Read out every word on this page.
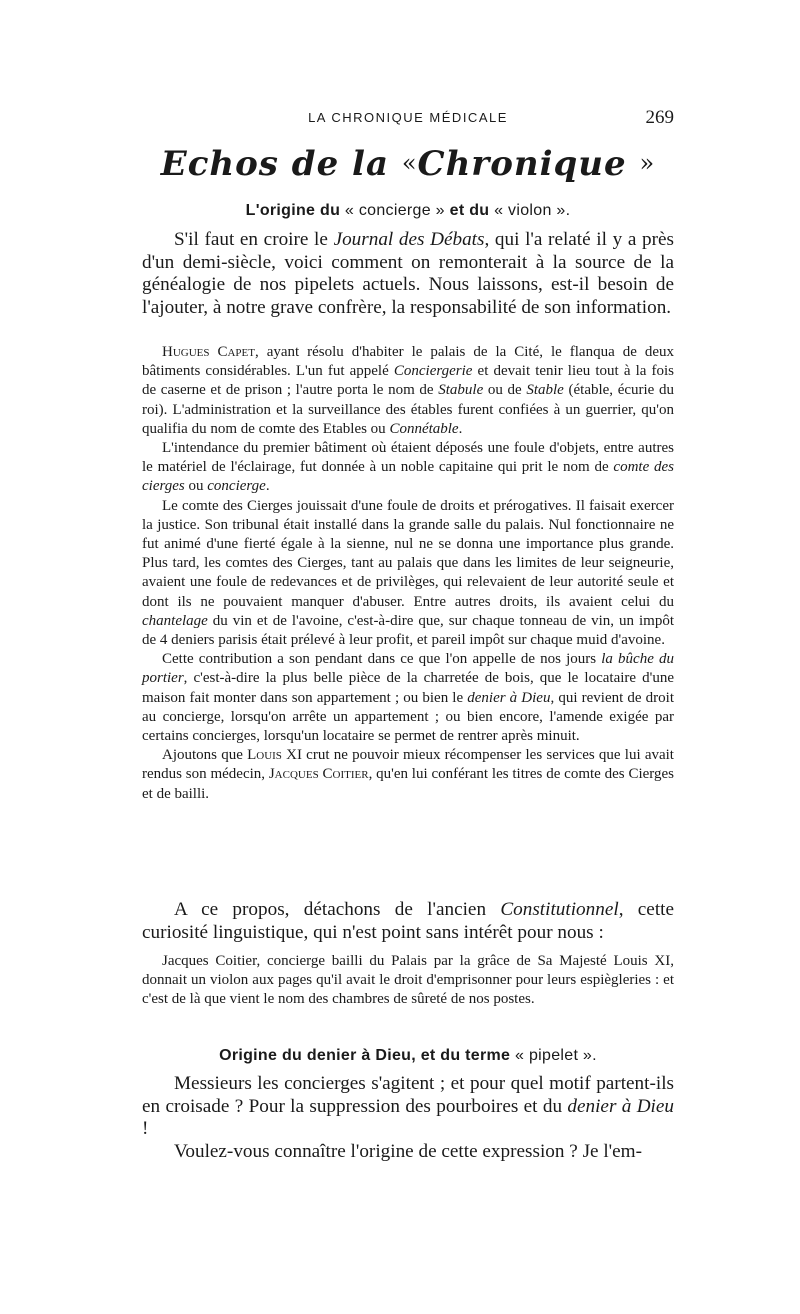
LA CHRONIQUE MÉDICALE	269
Echos de la «Chronique »
L'origine du « concierge » et du « violon ».
S'il faut en croire le Journal des Débats, qui l'a relaté il y a près d'un demi-siècle, voici comment on remonterait à la source de la généalogie de nos pipelets actuels. Nous laissons, est-il besoin de l'ajouter, à notre grave confrère, la responsabilité de son information.

Hugues Capet, ayant résolu d'habiter le palais de la Cité, le flanqua de deux bâtiments considérables. L'un fut appelé Conciergerie et devait tenir lieu tout à la fois de caserne et de prison ; l'autre porta le nom de Stabule ou de Stable (étable, écurie du roi). L'administration et la surveillance des étables furent confiées à un guerrier, qu'on qualifia du nom de comte des Etables ou Connétable.

L'intendance du premier bâtiment où étaient déposés une foule d'objets, entre autres le matériel de l'éclairage, fut donnée à un noble capitaine qui prit le nom de comte des cierges ou concierge.

Le comte des Cierges jouissait d'une foule de droits et prérogatives. Il faisait exercer la justice. Son tribunal était installé dans la grande salle du palais. Nul fonctionnaire ne fut animé d'une fierté égale à la sienne, nul ne se donna une importance plus grande. Plus tard, les comtes des Cierges, tant au palais que dans les limites de leur seigneurie, avaient une foule de redevances et de privilèges, qui relevaient de leur autorité seule et dont ils ne pouvaient manquer d'abuser. Entre autres droits, ils avaient celui du chantelage du vin et de l'avoine, c'est-à-dire que, sur chaque tonneau de vin, un impôt de 4 deniers parisis était prélevé à leur profit, et pareil impôt sur chaque muid d'avoine.

Cette contribution a son pendant dans ce que l'on appelle de nos jours la bûche du portier, c'est-à-dire la plus belle pièce de la charretée de bois, que le locataire d'une maison fait monter dans son appartement ; ou bien le denier à Dieu, qui revient de droit au concierge, lorsqu'on arrête un appartement ; ou bien encore, l'amende exigée par certains concierges, lorsqu'un locataire se permet de rentrer après minuit.

Ajoutons que Louis XI crut ne pouvoir mieux récompenser les services que lui avait rendus son médecin, Jacques Coitier, qu'en lui conférant les titres de comte des Cierges et de bailli.

A ce propos, détachons de l'ancien Constitutionnel, cette curiosité linguistique, qui n'est point sans intérêt pour nous :

Jacques Coitier, concierge bailli du Palais par la grâce de Sa Majesté Louis XI, donnait un violon aux pages qu'il avait le droit d'emprisonner pour leurs espiègleries : et c'est de là que vient le nom des chambres de sûreté de nos postes.

Origine du denier à Dieu, et du terme « pipelet ».

Messieurs les concierges s'agitent ; et pour quel motif partent-ils en croisade ? Pour la suppression des pourboires et du denier à Dieu !

Voulez-vous connaître l'origine de cette expression ? Je l'em-
